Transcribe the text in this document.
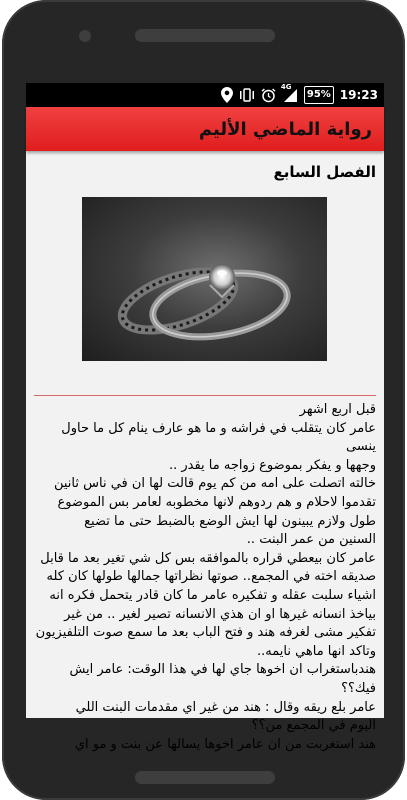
4G
95% 19:23
رواية الماضي الأليم
الفصل السابع

قبل اربع اشهر

عامر كان يتقلب في فراشه و ما هو عارف ينام كل ما حاول ينسى

وجهها و يفكر بموضوع زواجه ما يقدر ..

خالته اتصلت على امه من كم يوم قالت لها ان في ناس ثانين

تقدموا لاحلام و هم ردوهم لانها مخطوبه لعامر بس الموضوع

طول ولازم يبينون لها ايش الوضع بالضبط حتى ما تضيع

السنين من عمر البنت ..

عامر كان بيعطي قراره بالموافقه بس كل شي تغير بعد ما قابل

صديقه اخته في المجمع.. صوتها نظراتها جمالها طولها كان كله

اشياء سلبت عقله و تفكيره عامر ما كان قادر يتحمل فكره انه

بياخذ انسانه غيرها او ان هذي الانسانه تصير لغير .. من غير

تفكير مشى لغرفه هند و فتح الباب بعد ما سمع صوت التلفيزيون

وتاكد انها ماهي نايمه..

هندباستغراب ان اخوها جاي لها في هذا الوقت: عامر ايش فيك؟؟

عامر بلع ريقه وقال : هند من غير اي مقدمات البنت اللي

اليوم في المجمع من؟؟

هند استغربت من ان عامر اخوها يسالها عن بنت و مو اي
